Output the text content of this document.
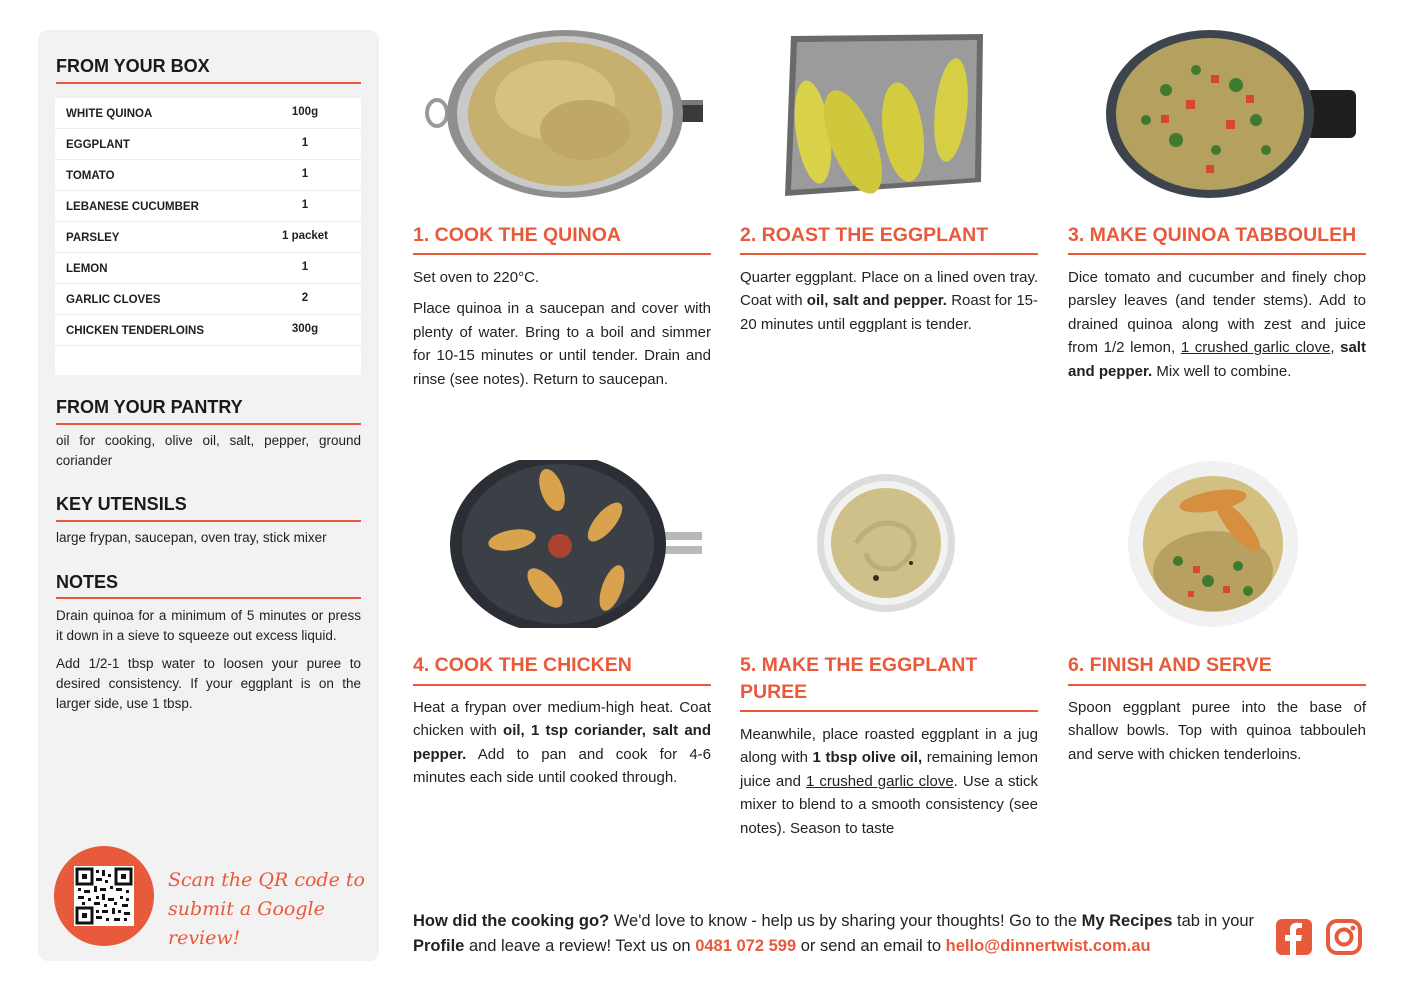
FROM YOUR BOX
WHITE QUINOA	100g
EGGPLANT	1
TOMATO	1
LEBANESE CUCUMBER	1
PARSLEY	1 packet
LEMON	1
GARLIC CLOVES	2
CHICKEN TENDERLOINS	300g
FROM YOUR PANTRY
oil for cooking, olive oil, salt, pepper, ground coriander
KEY UTENSILS
large frypan, saucepan, oven tray, stick mixer
NOTES
Drain quinoa for a minimum of 5 minutes or press it down in a sieve to squeeze out excess liquid.
Add 1/2-1 tbsp water to loosen your puree to desired consistency. If your eggplant is on the larger side, use 1 tbsp.
Scan the QR code to
submit a Google review!
1. COOK THE QUINOA

Set oven to 220°C.

Place quinoa in a saucepan and cover with plenty of water. Bring to a boil and simmer for 10-15 minutes or until tender. Drain and rinse (see notes). Return to saucepan.

2. ROAST THE EGGPLANT
Quarter eggplant. Place on a lined oven tray. Coat with oil, salt and pepper. Roast for 15-20 minutes until eggplant is tender.
3. MAKE QUINOA TABBOULEH
Dice tomato and cucumber and finely chop parsley leaves (and tender stems). Add to drained quinoa along with zest and juice from 1/2 lemon, 1 crushed garlic clove, salt and pepper. Mix well to combine.
4. COOK THE CHICKEN
Heat a frypan over medium-high heat. Coat chicken with oil, 1 tsp coriander, salt and pepper. Add to pan and cook for 4-6 minutes each side until cooked through.
5. MAKE THE EGGPLANT PUREE
Meanwhile, place roasted eggplant in a jug along with 1 tbsp olive oil, remaining lemon juice and 1 crushed garlic clove. Use a stick mixer to blend to a smooth consistency (see notes). Season to taste
6. FINISH AND SERVE
Spoon eggplant puree into the base of shallow bowls. Top with quinoa tabbouleh and serve with chicken tenderloins.
How did the cooking go? We'd love to know - help us by sharing your thoughts! Go to the My Recipes tab in your Profile and leave a review! Text us on 0481 072 599 or send an email to hello@dinnertwist.com.au
